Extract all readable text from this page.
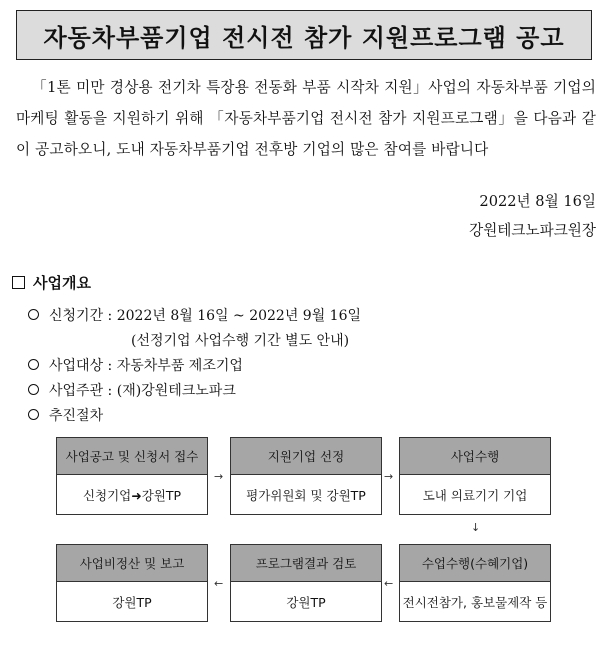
자동차부품기업 전시전 참가 지원프로그램 공고
「1톤 미만 경상용 전기차 특장용 전동화 부품 시작차 지원」사업의 자동차부품 기업의 마케팅 활동을 지원하기 위해 「자동차부품기업 전시전 참가 지원프로그램」을 다음과 같이 공고하오니, 도내 자동차부품기업 전후방 기업의 많은 참여를 바랍니다
2022년 8월 16일
강원테크노파크원장
사업개요
신청기간 : 2022년 8월 16일 ~ 2022년 9월 16일
(선정기업 사업수행 기간 별도 안내)
사업대상 : 자동차부품 제조기업
사업주관 : (재)강원테크노파크
추진절차
사업공고 및 신청서 접수
신청기업➜강원TP
→
지원기업 선정
평가위원회 및 강원TP
→
사업수행
도내 의료기기 기업
↓
사업비정산 및 보고
강원TP
←
프로그램결과 검토
강원TP
←
수업수행(수혜기업)
전시전참가, 홍보물제작 등
